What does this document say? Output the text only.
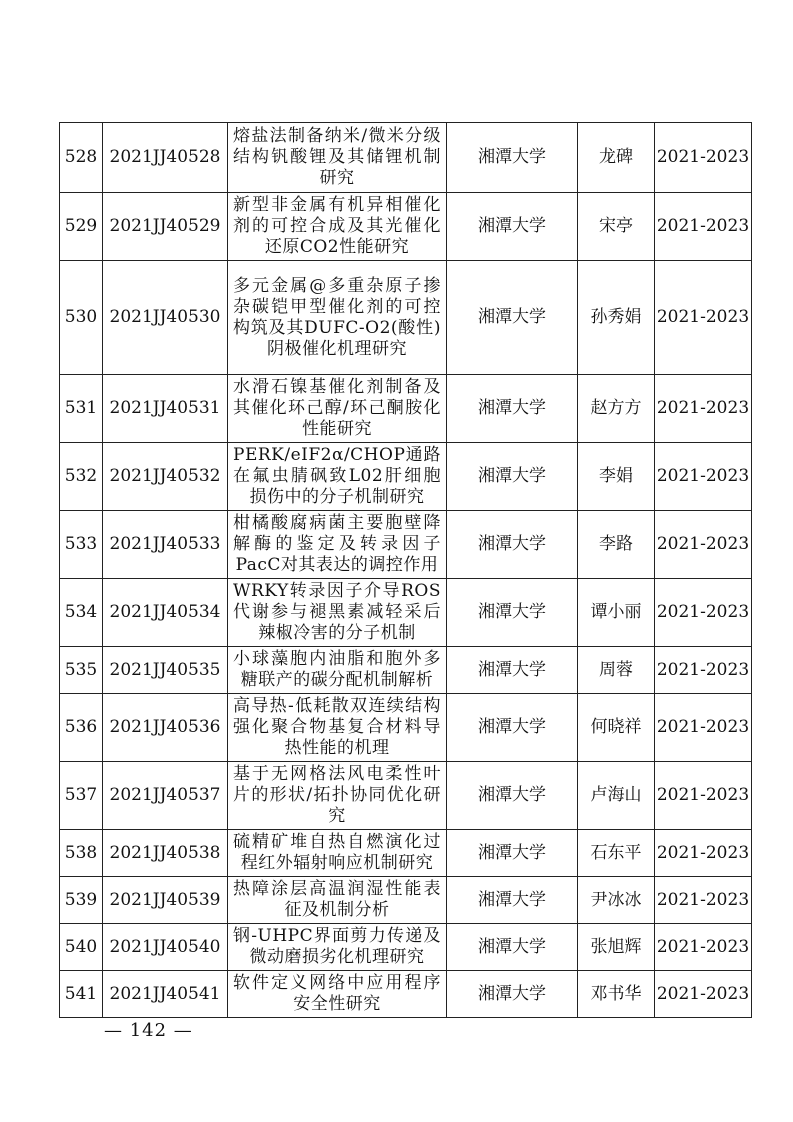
528	2021JJ40528	熔盐法制备纳米/微米分级结构钒酸锂及其储锂机制研究	湘潭大学	龙碑	2021-2023
529	2021JJ40529	新型非金属有机异相催化剂的可控合成及其光催化还原CO2性能研究	湘潭大学	宋亭	2021-2023
530	2021JJ40530	多元金属@多重杂原子掺杂碳铠甲型催化剂的可控构筑及其DUFC-O2(酸性)阴极催化机理研究	湘潭大学	孙秀娟	2021-2023
531	2021JJ40531	水滑石镍基催化剂制备及其催化环己醇/环己酮胺化性能研究	湘潭大学	赵方方	2021-2023
532	2021JJ40532	PERK/eIF2α/CHOP通路在氟虫腈砜致L02肝细胞损伤中的分子机制研究	湘潭大学	李娟	2021-2023
533	2021JJ40533	柑橘酸腐病菌主要胞壁降解酶的鉴定及转录因子PacC对其表达的调控作用	湘潭大学	李路	2021-2023
534	2021JJ40534	WRKY转录因子介导ROS代谢参与褪黑素减轻采后辣椒冷害的分子机制	湘潭大学	谭小丽	2021-2023
535	2021JJ40535	小球藻胞内油脂和胞外多糖联产的碳分配机制解析	湘潭大学	周蓉	2021-2023
536	2021JJ40536	高导热-低耗散双连续结构强化聚合物基复合材料导热性能的机理	湘潭大学	何晓祥	2021-2023
537	2021JJ40537	基于无网格法风电柔性叶片的形状/拓扑协同优化研究	湘潭大学	卢海山	2021-2023
538	2021JJ40538	硫精矿堆自热自燃演化过程红外辐射响应机制研究	湘潭大学	石东平	2021-2023
539	2021JJ40539	热障涂层高温润湿性能表征及机制分析	湘潭大学	尹冰冰	2021-2023
540	2021JJ40540	钢-UHPC界面剪力传递及微动磨损劣化机理研究	湘潭大学	张旭辉	2021-2023
541	2021JJ40541	软件定义网络中应用程序安全性研究	湘潭大学	邓书华	2021-2023
— 142 —
